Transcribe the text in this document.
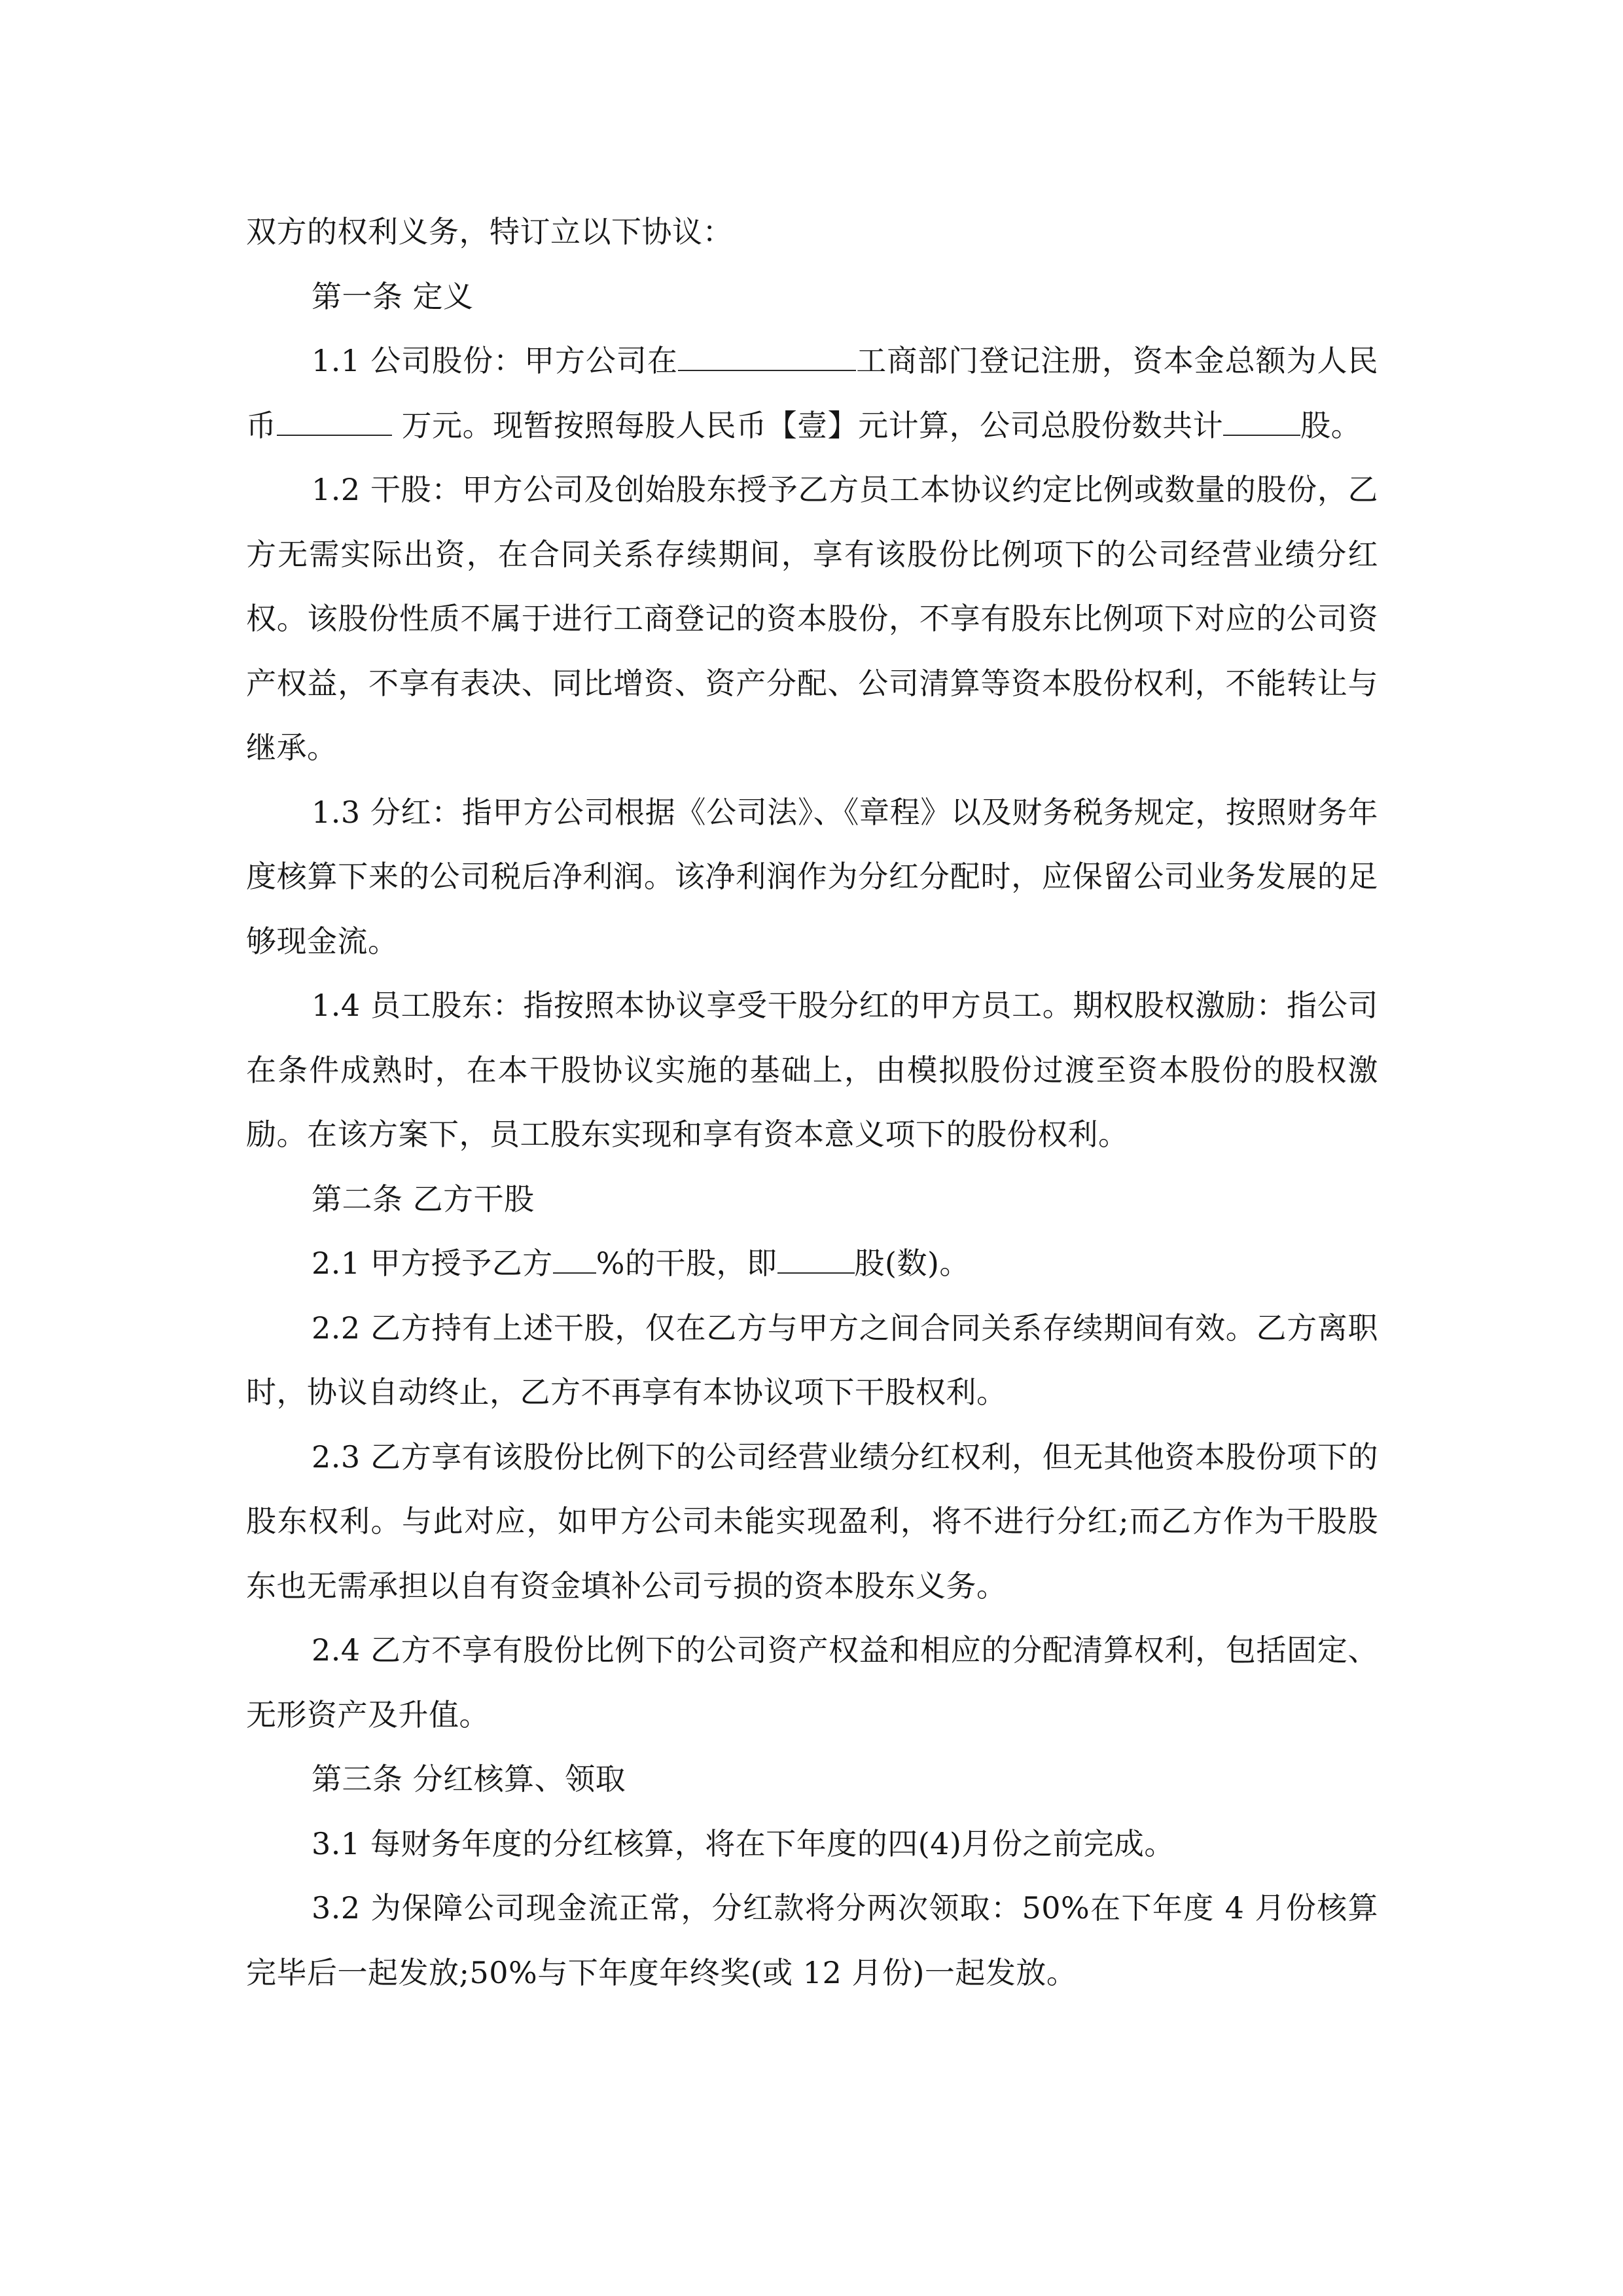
双方的权利义务，特订立以下协议：

第一条 定义

1.1 公司股份：甲方公司在	工商部门登记注册，资本金总额为人民币	万元。现暂按照每股人民币【壹】元计算，公司总股份数共计	股。

1.2 干股：甲方公司及创始股东授予乙方员工本协议约定比例或数量的股份，乙方无需实际出资，在合同关系存续期间，享有该股份比例项下的公司经营业绩分红权。该股份性质不属于进行工商登记的资本股份，不享有股东比例项下对应的公司资产权益，不享有表决、同比增资、资产分配、公司清算等资本股份权利，不能转让与继承。

1.3 分红：指甲方公司根据《公司法》、《章程》以及财务税务规定，按照财务年度核算下来的公司税后净利润。该净利润作为分红分配时，应保留公司业务发展的足够现金流。

1.4 员工股东：指按照本协议享受干股分红的甲方员工。期权股权激励：指公司在条件成熟时，在本干股协议实施的基础上，由模拟股份过渡至资本股份的股权激励。在该方案下，员工股东实现和享有资本意义项下的股份权利。

第二条 乙方干股

2.1 甲方授予乙方 %的干股，即	股(数)。

2.2 乙方持有上述干股，仅在乙方与甲方之间合同关系存续期间有效。乙方离职时，协议自动终止，乙方不再享有本协议项下干股权利。

2.3 乙方享有该股份比例下的公司经营业绩分红权利，但无其他资本股份项下的股东权利。与此对应，如甲方公司未能实现盈利，将不进行分红;而乙方作为干股股东也无需承担以自有资金填补公司亏损的资本股东义务。

2.4 乙方不享有股份比例下的公司资产权益和相应的分配清算权利，包括固定、无形资产及升值。

第三条 分红核算、领取

3.1 每财务年度的分红核算，将在下年度的四(4)月份之前完成。

3.2 为保障公司现金流正常，分红款将分两次领取：50%在下年度 4 月份核算完毕后一起发放;50%与下年度年终奖(或 12 月份)一起发放。
